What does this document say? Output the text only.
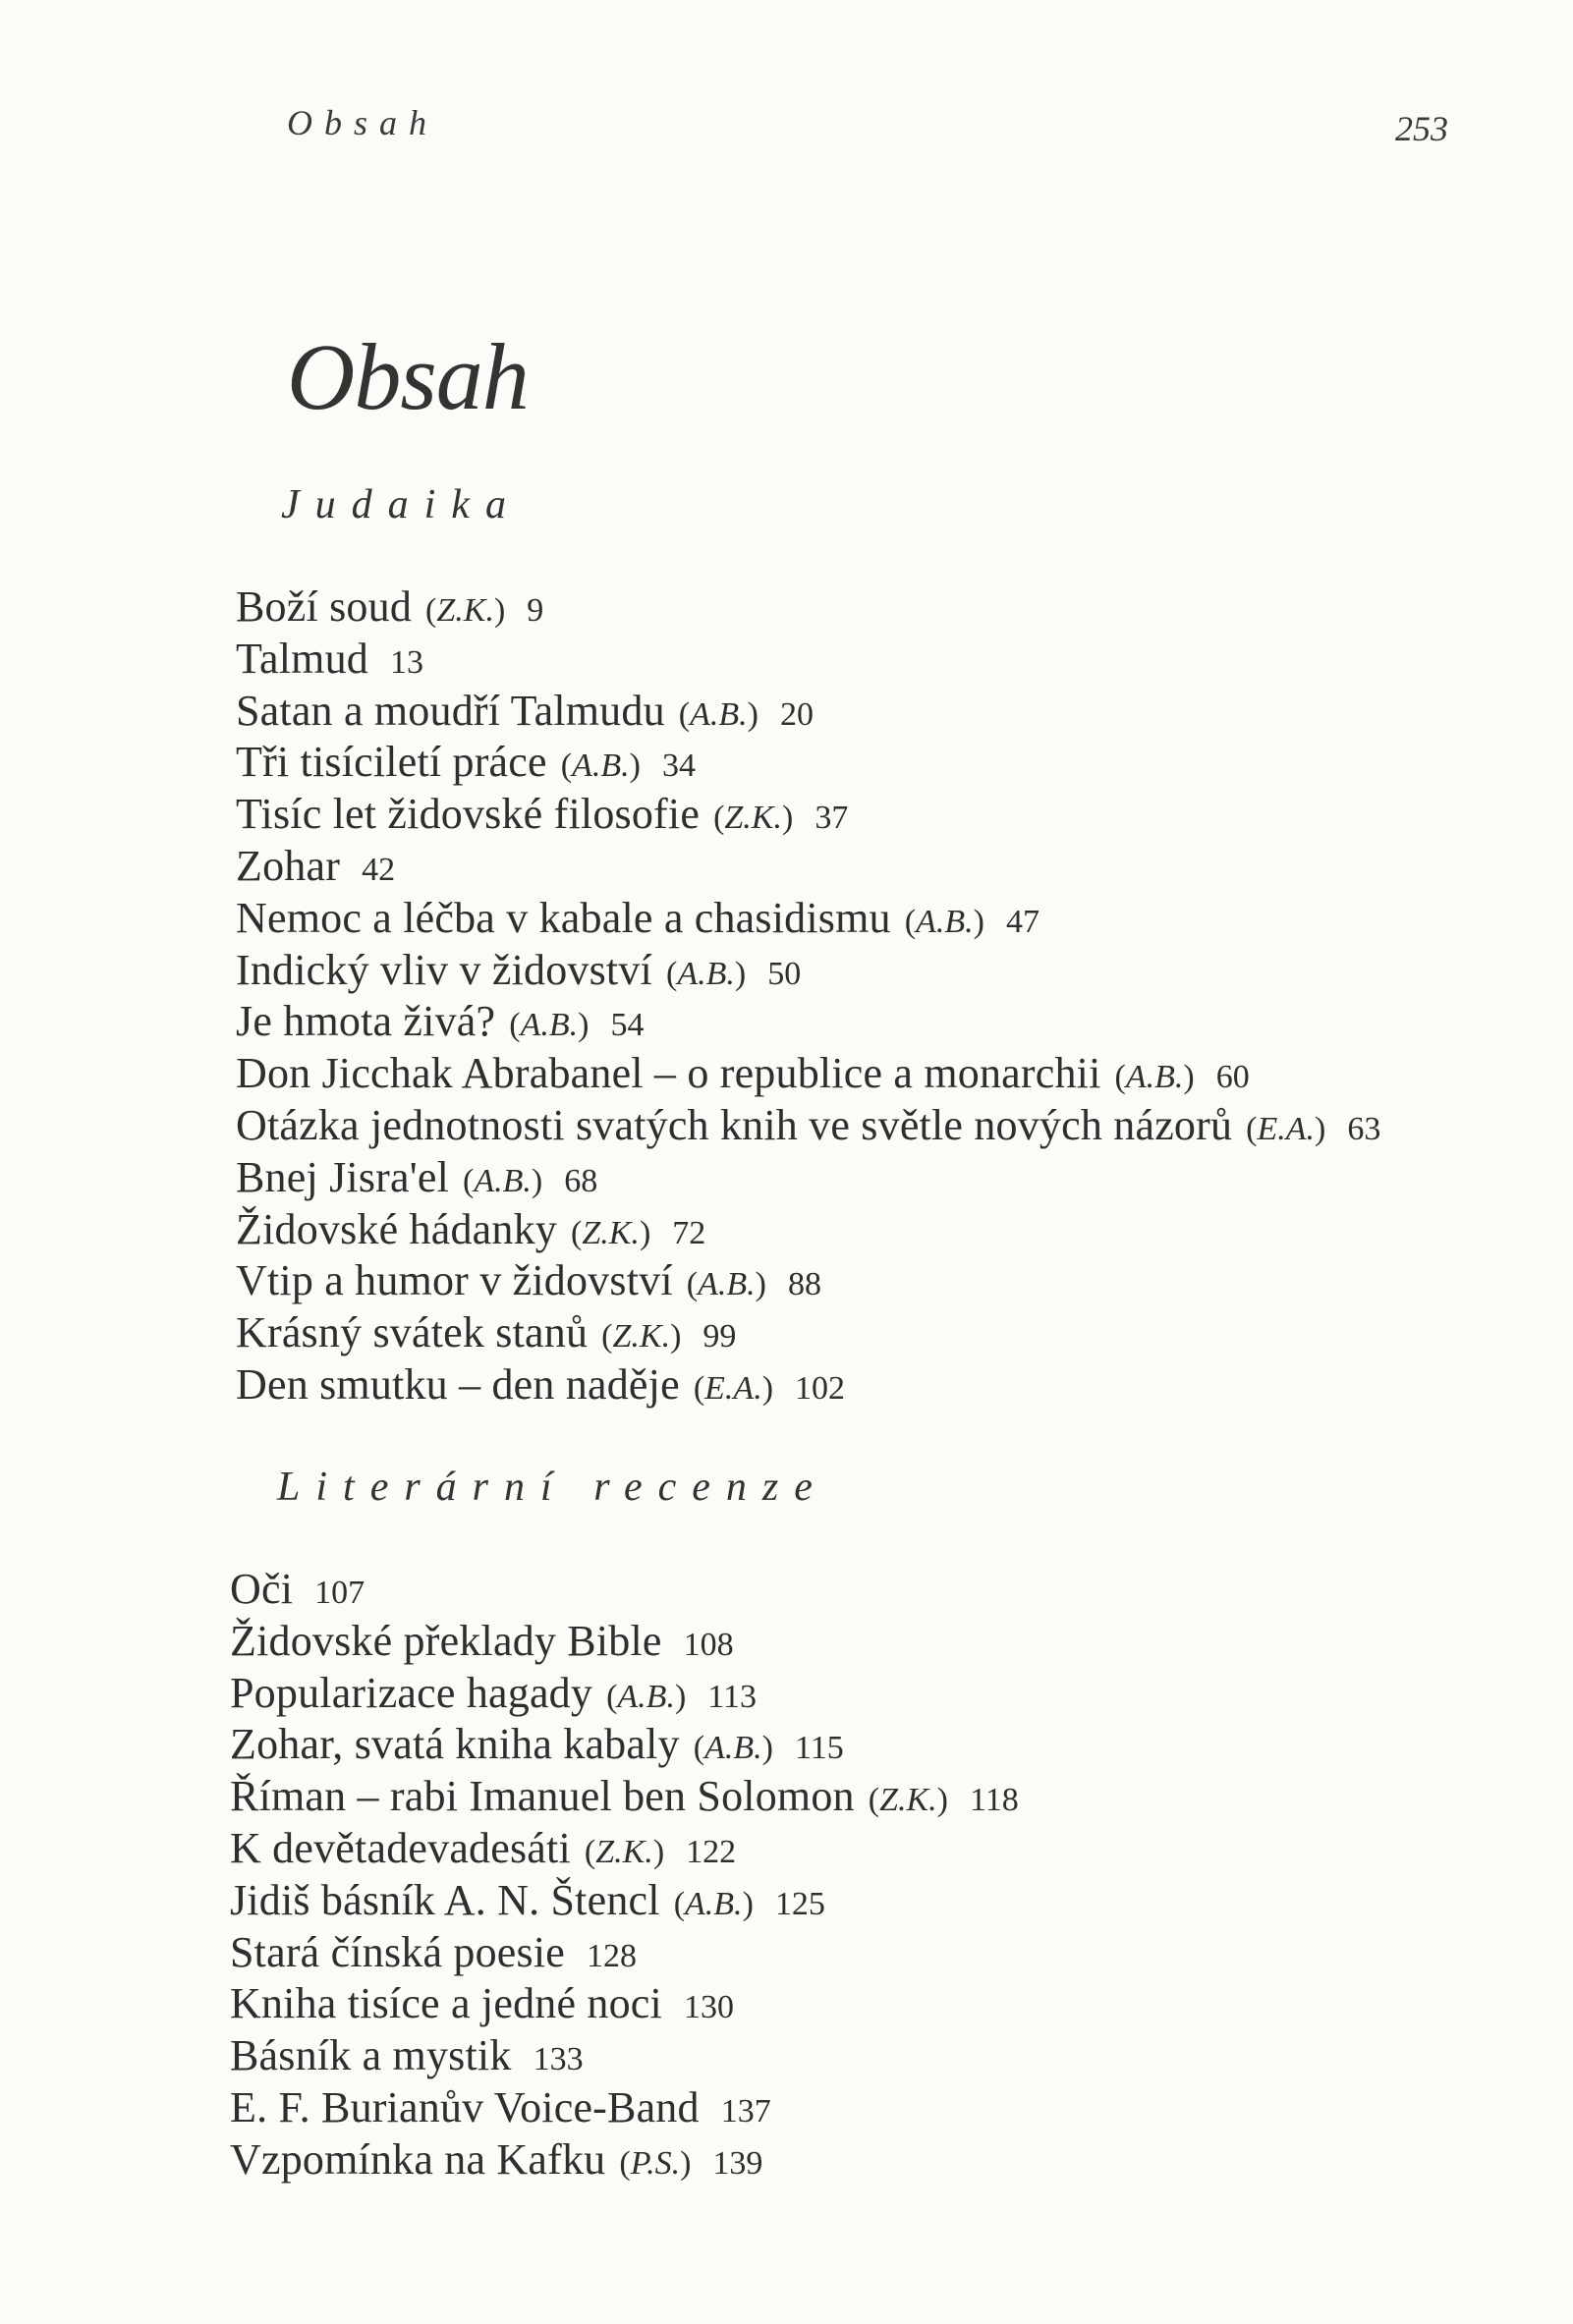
Obsah	253
Obsah
Judaika
Boží soud (Z.K.) 9
Talmud 13
Satan a moudří Talmudu (A.B.) 20
Tři tisíciletí práce (A.B.) 34
Tisíc let židovské filosofie (Z.K.) 37
Zohar 42
Nemoc a léčba v kabale a chasidismu (A.B.) 47
Indický vliv v židovství (A.B.) 50
Je hmota živá? (A.B.) 54
Don Jicchak Abrabanel – o republice a monarchii (A.B.) 60
Otázka jednotnosti svatých knih ve světle nových názorů (E.A.) 63
Bnej Jisra'el (A.B.) 68
Židovské hádanky (Z.K.) 72
Vtip a humor v židovství (A.B.) 88
Krásný svátek stanů (Z.K.) 99
Den smutku – den naděje (E.A.) 102
Literární recenze
Oči 107
Židovské překlady Bible 108
Popularizace hagady (A.B.) 113
Zohar, svatá kniha kabaly (A.B.) 115
Říman – rabi Imanuel ben Solomon (Z.K.) 118
K devětadevadesáti (Z.K.) 122
Jidiš básník A. N. Štencl (A.B.) 125
Stará čínská poesie 128
Kniha tisíce a jedné noci 130
Básník a mystik 133
E. F. Burianův Voice-Band 137
Vzpomínka na Kafku (P.S.) 139
